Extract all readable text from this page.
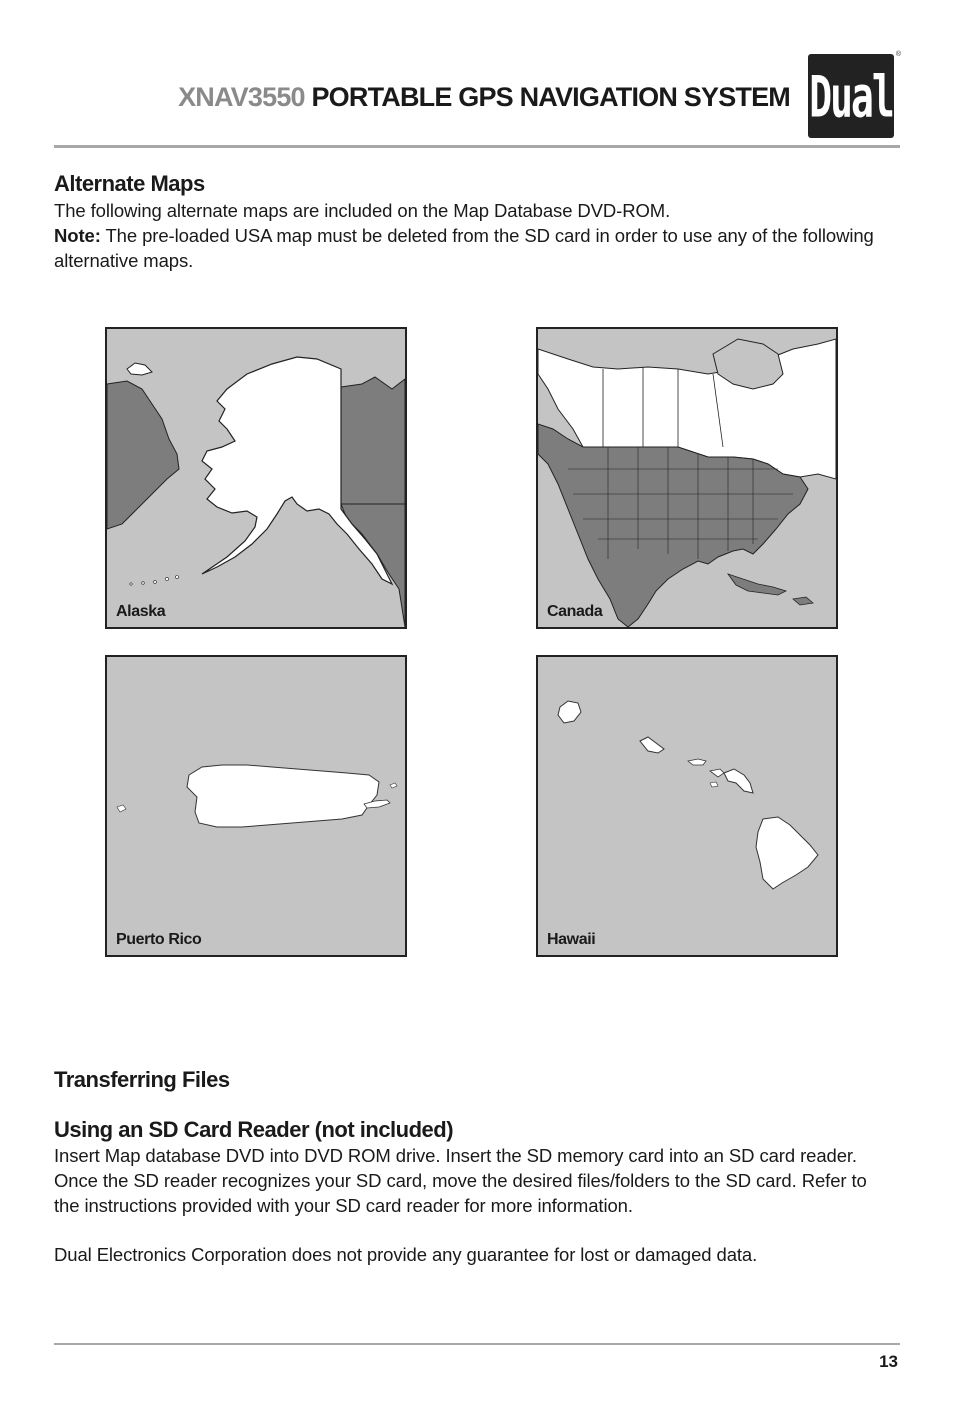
XNAV3550 PORTABLE GPS NAVIGATION SYSTEM Dual
®
Alternate Maps

The following alternate maps are included on the Map Database DVD-ROM.
Note: The pre-loaded USA map must be deleted from the SD card in order to use any of the following alternative maps.

Alaska	Canada
Puerto Rico	Hawaii
Transferring Files
Using an SD Card Reader (not included)

Insert Map database DVD into DVD ROM drive. Insert the SD memory card into an SD card reader. Once the SD reader recognizes your SD card, move the desired files/folders to the SD card. Refer to the instructions provided with your SD card reader for more information.

Dual Electronics Corporation does not provide any guarantee for lost or damaged data.

13
